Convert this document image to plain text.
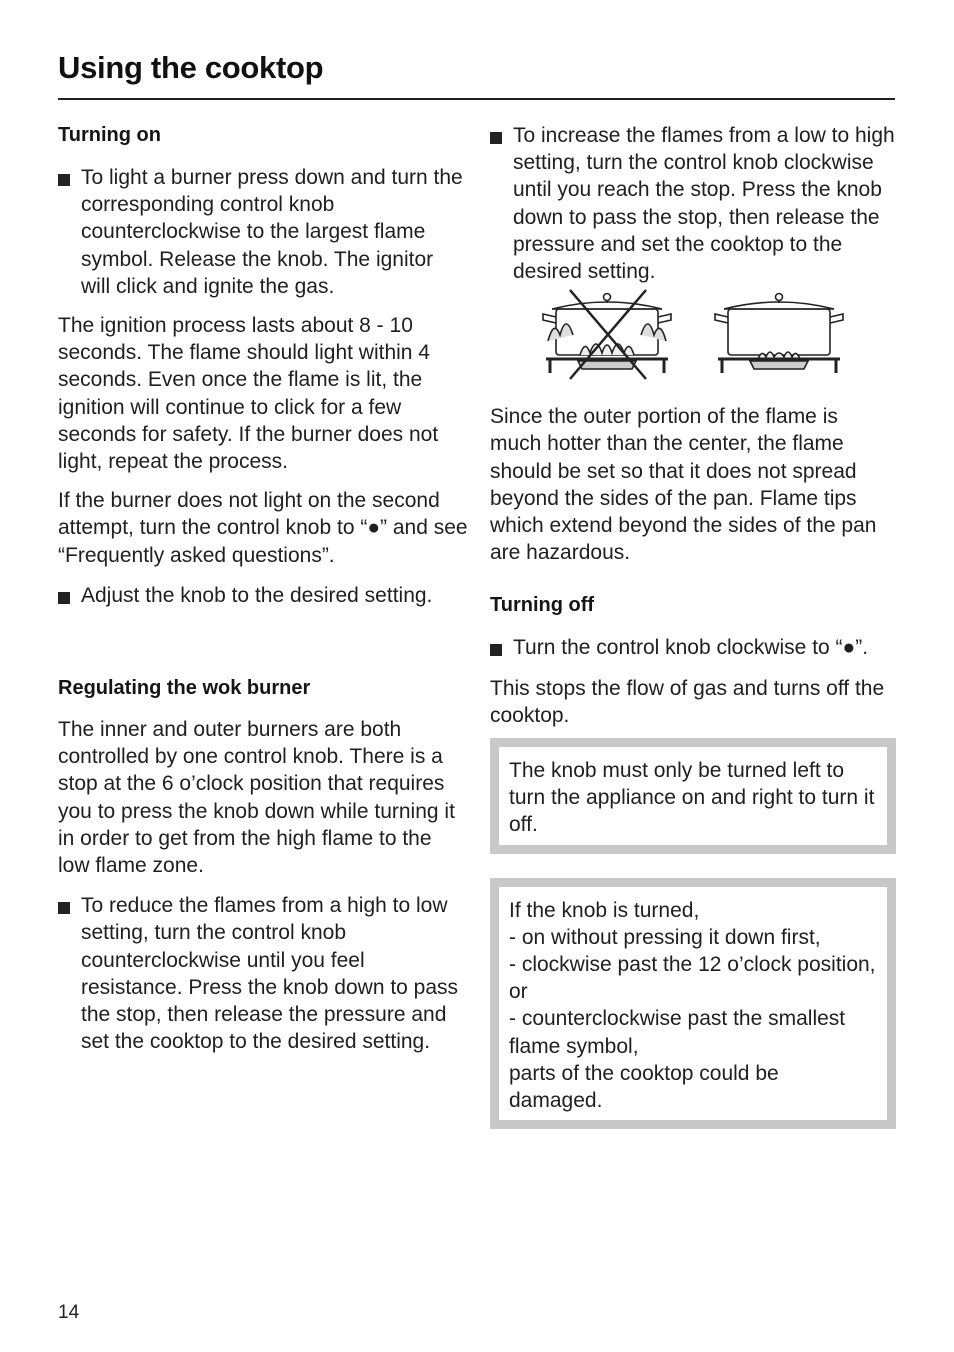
Using the cooktop
Turning on
To light a burner press down and turn the corresponding control knob counterclockwise to the largest flame symbol. Release the knob. The ignitor will click and ignite the gas.

The ignition process lasts about 8 - 10 seconds. The flame should light within 4 seconds. Even once the flame is lit, the ignition will continue to click for a few seconds for safety. If the burner does not light, repeat the process.

If the burner does not light on the second attempt, turn the control knob to “●” and see “Frequently asked questions”.

Adjust the knob to the desired setting.
Regulating the wok burner

The inner and outer burners are both controlled by one control knob. There is a stop at the 6 o’clock position that requires you to press the knob down while turning it in order to get from the high flame to the low flame zone.

To reduce the flames from a high to low setting, turn the control knob counterclockwise until you feel resistance. Press the knob down to pass the stop, then release the pressure and set the cooktop to the desired setting.
To increase the flames from a low to high setting, turn the control knob clockwise until you reach the stop. Press the knob down to pass the stop, then release the pressure and set the cooktop to the desired setting.

Since the outer portion of the flame is much hotter than the center, the flame should be set so that it does not spread beyond the sides of the pan. Flame tips which extend beyond the sides of the pan are hazardous.

Turning off
Turn the control knob clockwise to “●”.

This stops the flow of gas and turns off the cooktop.

The knob must only be turned left to turn the appliance on and right to turn it off.
If the knob is turned,
- on without pressing it down first,
- clockwise past the 12 o’clock position, or
- counterclockwise past the smallest flame symbol,
parts of the cooktop could be damaged.
14
